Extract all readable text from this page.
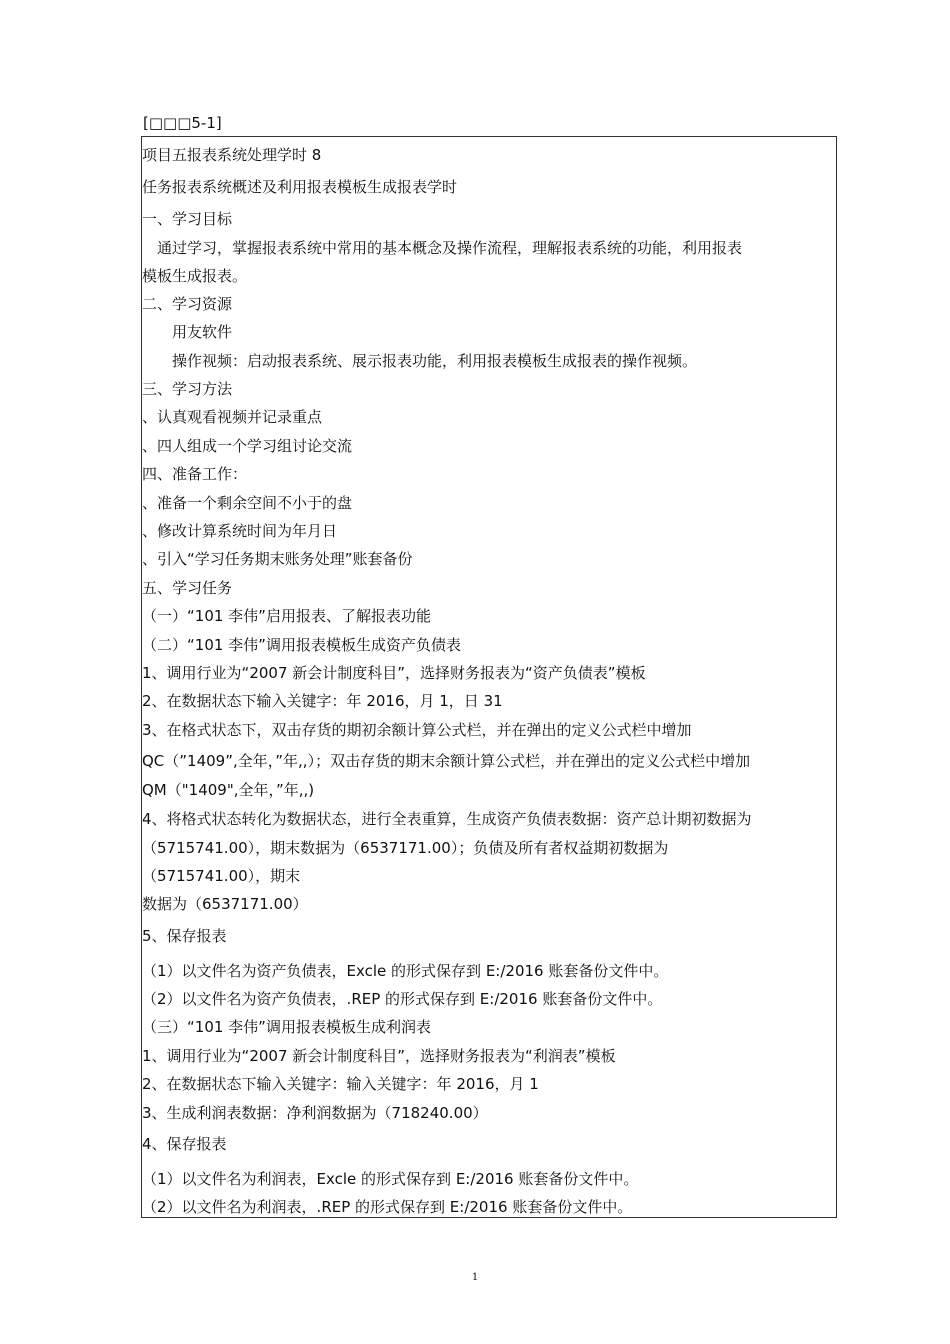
[□□□5-1]
项目五报表系统处理学时 8
任务报表系统概述及利用报表模板生成报表学时
一、学习目标
　通过学习，掌握报表系统中常用的基本概念及操作流程，理解报表系统的功能，利用报表
模板生成报表。
二、学习资源
　　用友软件
　　操作视频：启动报表系统、展示报表功能，利用报表模板生成报表的操作视频。
三、学习方法
、认真观看视频并记录重点
、四人组成一个学习组讨论交流
四、准备工作：
、准备一个剩余空间不小于的盘
、修改计算系统时间为年月日
、引入“学习任务期末账务处理”账套备份
五、学习任务
（一）“101 李伟”启用报表、了解报表功能
（二）“101 李伟”调用报表模板生成资产负债表
1、调用行业为“2007 新会计制度科目”，选择财务报表为“资产负债表”模板
2、在数据状态下输入关键字：年 2016，月 1，日 31
3、在格式状态下，双击存货的期初余额计算公式栏，并在弹出的定义公式栏中增加
QC（”1409”,全年，”年,,）；双击存货的期末余额计算公式栏，并在弹出的定义公式栏中增加
QM（"1409",全年，”年,,)
4、将格式状态转化为数据状态，进行全表重算，生成资产负债表数据：资产总计期初数据为
（5715741.00），期末数据为（6537171.00）；负债及所有者权益期初数据为
（5715741.00），期末
数据为（6537171.00）
5、保存报表
（1）以文件名为资产负债表，Excle 的形式保存到 E:/2016 账套备份文件中。
（2）以文件名为资产负债表，.REP 的形式保存到 E:/2016 账套备份文件中。
（三）“101 李伟”调用报表模板生成利润表
1、调用行业为“2007 新会计制度科目”，选择财务报表为“利润表”模板
2、在数据状态下输入关键字：输入关键字：年 2016，月 1
3、生成利润表数据：净利润数据为（718240.00）
4、保存报表
（1）以文件名为利润表，Excle 的形式保存到 E:/2016 账套备份文件中。
（2）以文件名为利润表，.REP 的形式保存到 E:/2016 账套备份文件中。
1
